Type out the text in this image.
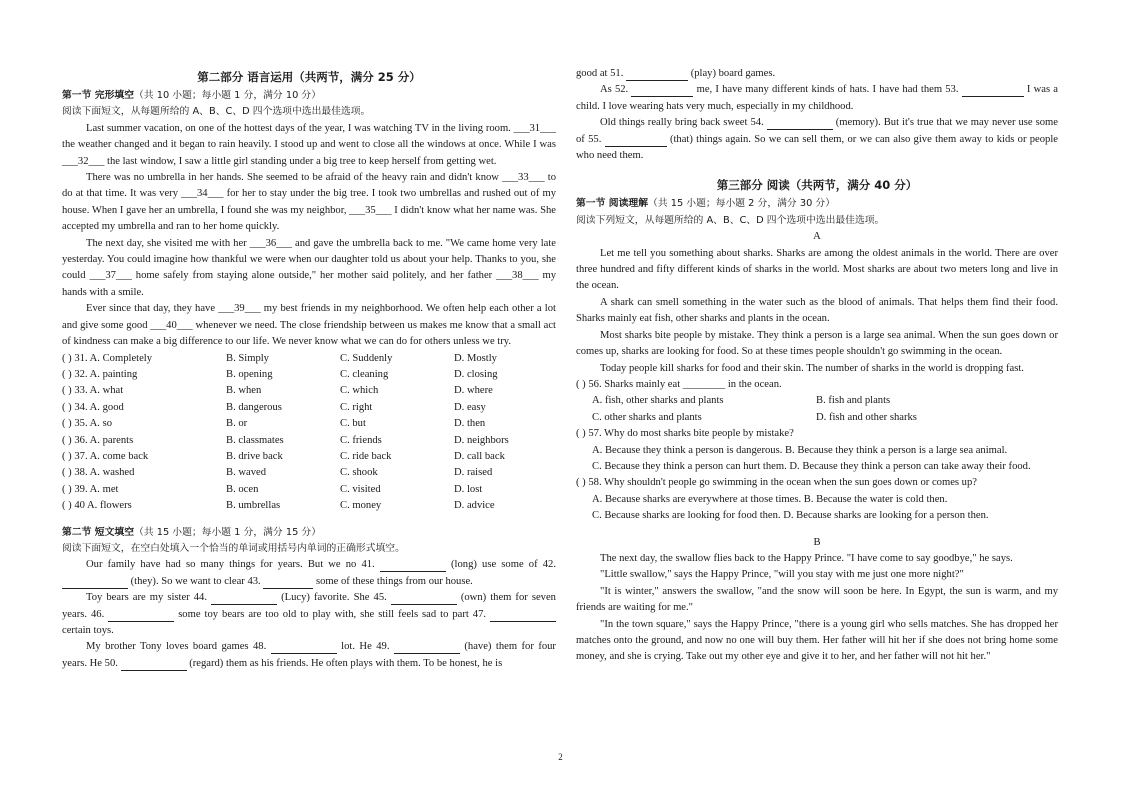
第二部分 语言运用（共两节，满分 25 分）

第一节 完形填空（共 10 小题；每小题 1 分，满分 10 分）

阅读下面短文，从每题所给的 A、B、C、D 四个选项中选出最佳选项。

Last summer vacation, on one of the hottest days of the year, I was watching TV in the living room. ___31___ the weather changed and it began to rain heavily. I stood up and went to close all the windows at once. While I was ___32___ the last window, I saw a little girl standing under a big tree to keep herself from getting wet.

There was no umbrella in her hands. She seemed to be afraid of the heavy rain and didn't know ___33___ to do at that time. It was very ___34___ for her to stay under the big tree. I took two umbrellas and rushed out of my house. When I gave her an umbrella, I found she was my neighbor, ___35___ I didn't know what her name was. She accepted my umbrella and ran to her home quickly.

The next day, she visited me with her ___36___ and gave the umbrella back to me. "We came home very late yesterday. You could imagine how thankful we were when our daughter told us about your help. Thanks to you, she could ___37___ home safely from staying alone outside," her mother said politely, and her father ___38___ my hands with a smile.

Ever since that day, they have ___39___ my best friends in my neighborhood. We often help each other a lot and give some good ___40___ whenever we need. The close friendship between us makes me know that a small act of kindness can make a big difference to our life. We never know what we can do for others unless we try.

( ) 31. A. Completely	B. Simply	C. Suddenly	D. Mostly
( ) 32. A. painting	B. opening	C. cleaning	D. closing
( ) 33. A. what	B. when	C. which	D. where
( ) 34. A. good	B. dangerous	C. right	D. easy
( ) 35. A. so	B. or	C. but	D. then
( ) 36. A. parents	B. classmates	C. friends	D. neighbors
( ) 37. A. come back	B. drive back	C. ride back	D. call back
( ) 38. A. washed	B. waved	C. shook	D. raised
( ) 39. A. met	B. ocen	C. visited	D. lost
( ) 40 A. flowers	B. umbrellas	C. money	D. advice

第二节 短文填空（共 15 小题；每小题 1 分，满分 15 分）

阅读下面短文，在空白处填入一个恰当的单词或用括号内单词的正确形式填空。

Our family have had so many things for years. But we no 41.	(long) use some of 42.   (they). So we want to clear 43.	some of these things from our house.

Toy bears are my sister 44.	(Lucy) favorite. She 45.	(own) them for seven years. 46.	some toy bears are too old to play with, she still feels sad to part 47.   certain toys.

My brother Tony loves board games 48.	lot. He 49.	(have) them for four years. He 50.	(regard) them as his friends. He often plays with them. To be honest, he is

good at 51.	(play) board games.

As 52.	me, I have many different kinds of hats. I have had them 53.	I was a child. I love wearing hats very much, especially in my childhood.

Old things really bring back sweet 54.	(memory). But it's true that we may never use some of 55.	(that) things again. So we can sell them, or we can also give them away to kids or people who need them.

第三部分 阅读（共两节，满分 40 分）

第一节 阅读理解（共 15 小题；每小题 2 分，满分 30 分）

阅读下列短文，从每题所给的 A、B、C、D 四个选项中选出最佳选项。

A

Let me tell you something about sharks. Sharks are among the oldest animals in the world. There are over three hundred and fifty different kinds of sharks in the world. Most sharks are about two meters long and live in the ocean.

A shark can smell something in the water such as the blood of animals. That helps them find their food. Sharks mainly eat fish, other sharks and plants in the ocean.

Most sharks bite people by mistake. They think a person is a large sea animal. When the sun goes down or comes up, sharks are looking for food. So at these times people shouldn't go swimming in the ocean.

Today people kill sharks for food and their skin. The number of sharks in the world is dropping fast.

( ) 56. Sharks mainly eat ________ in the ocean.

A. fish, other sharks and plants	B. fish and plants
C. other sharks and plants	D. fish and other sharks

( ) 57. Why do most sharks bite people by mistake?

A. Because they think a person is dangerous. B. Because they think a person is a large sea animal.

C. Because they think a person can hurt them. D. Because they think a person can take away their food.

( ) 58. Why shouldn't people go swimming in the ocean when the sun goes down or comes up?

A. Because sharks are everywhere at those times. B. Because the water is cold then.

C. Because sharks are looking for food then. D. Because sharks are looking for a person then.

B

The next day, the swallow flies back to the Happy Prince. "I have come to say goodbye," he says.

"Little swallow," says the Happy Prince, "will you stay with me just one more night?"

"It is winter," answers the swallow, "and the snow will soon be here. In Egypt, the sun is warm, and my friends are waiting for me."

"In the town square," says the Happy Prince, "there is a young girl who sells matches. She has dropped her matches onto the ground, and now no one will buy them. Her father will hit her if she does not bring home some money, and she is crying. Take out my other eye and give it to her, and her father will not hit her."

2
